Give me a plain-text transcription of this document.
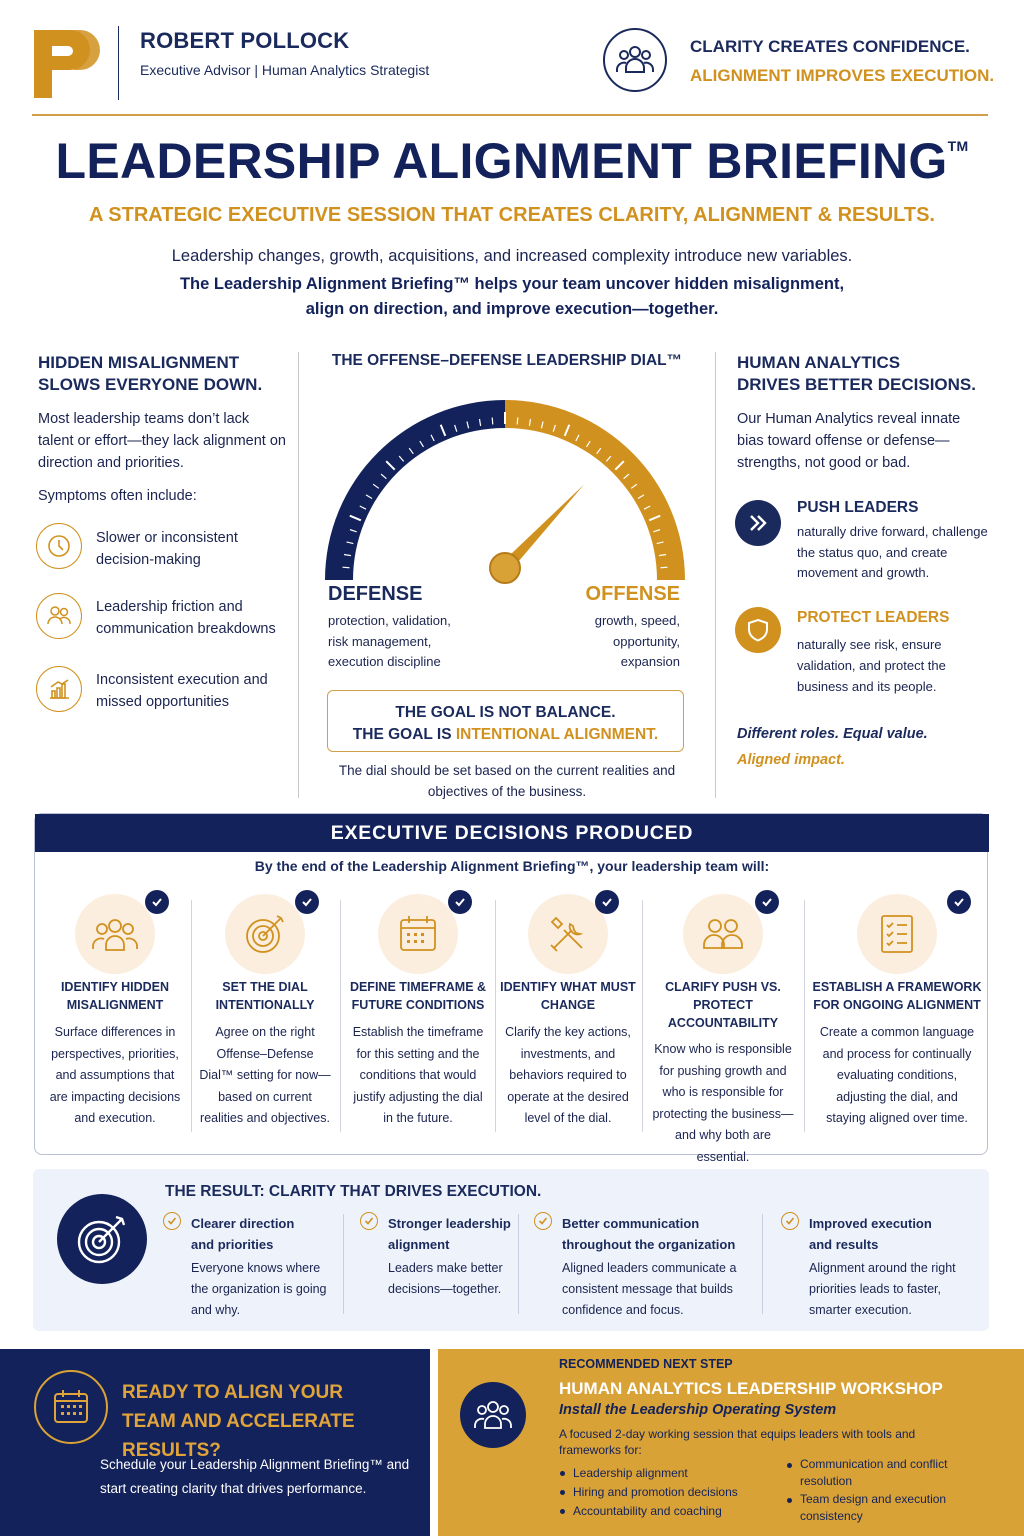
ROBERT POLLOCK
Executive Advisor | Human Analytics Strategist
CLARITY CREATES CONFIDENCE.
ALIGNMENT IMPROVES EXECUTION.
LEADERSHIP ALIGNMENT BRIEFING™
A STRATEGIC EXECUTIVE SESSION THAT CREATES CLARITY, ALIGNMENT & RESULTS.
Leadership changes, growth, acquisitions, and increased complexity introduce new variables.
The Leadership Alignment Briefing™ helps your team uncover hidden misalignment,
align on direction, and improve execution—together.
HIDDEN MISALIGNMENT
SLOWS EVERYONE DOWN.
Most leadership teams don’t lack talent or effort—they lack alignment on direction and priorities.
Symptoms often include:
Slower or inconsistent decision-making
Leadership friction and communication breakdowns
Inconsistent execution and missed opportunities
THE OFFENSE–DEFENSE LEADERSHIP DIAL™
DEFENSE	OFFENSE
protection, validation,
risk management,
execution discipline
growth, speed,
opportunity,
expansion
THE GOAL IS NOT BALANCE.
THE GOAL IS INTENTIONAL ALIGNMENT.
The dial should be set based on the current realities and objectives of the business.
HUMAN ANALYTICS
DRIVES BETTER DECISIONS.
Our Human Analytics reveal innate bias toward offense or defense—strengths, not good or bad.
PUSH LEADERS
naturally drive forward, challenge the status quo, and create movement and growth.
PROTECT LEADERS
naturally see risk, ensure validation, and protect the business and its people.
Different roles. Equal value.
Aligned impact.
EXECUTIVE DECISIONS PRODUCED
By the end of the Leadership Alignment Briefing™, your leadership team will:
IDENTIFY HIDDEN MISALIGNMENT
Surface differences in perspectives, priorities, and assumptions that are impacting decisions and execution.
SET THE DIAL INTENTIONALLY
Agree on the right Offense–Defense Dial™ setting for now—based on current realities and objectives.
DEFINE TIMEFRAME & FUTURE CONDITIONS
Establish the timeframe for this setting and the conditions that would justify adjusting the dial in the future.
IDENTIFY WHAT MUST CHANGE
Clarify the key actions, investments, and behaviors required to operate at the desired level of the dial.
CLARIFY PUSH VS. PROTECT ACCOUNTABILITY
Know who is responsible for pushing growth and who is responsible for protecting the business—and why both are essential.
ESTABLISH A FRAMEWORK FOR ONGOING ALIGNMENT
Create a common language and process for continually evaluating conditions, adjusting the dial, and staying aligned over time.
THE RESULT: CLARITY THAT DRIVES EXECUTION.
Clearer direction and priorities
Everyone knows where the organization is going and why.
Stronger leadership alignment
Leaders make better decisions—together.
Better communication throughout the organization
Aligned leaders communicate a consistent message that builds confidence and focus.
Improved execution and results
Alignment around the right priorities leads to faster, smarter execution.
READY TO ALIGN YOUR TEAM AND ACCELERATE RESULTS?
Schedule your Leadership Alignment Briefing™ and start creating clarity that drives performance.
RECOMMENDED NEXT STEP
HUMAN ANALYTICS LEADERSHIP WORKSHOP
Install the Leadership Operating System
A focused 2-day working session that equips leaders with tools and frameworks for:
Leadership alignment
Hiring and promotion decisions
Accountability and coaching
Communication and conflict resolution
Team design and execution consistency
